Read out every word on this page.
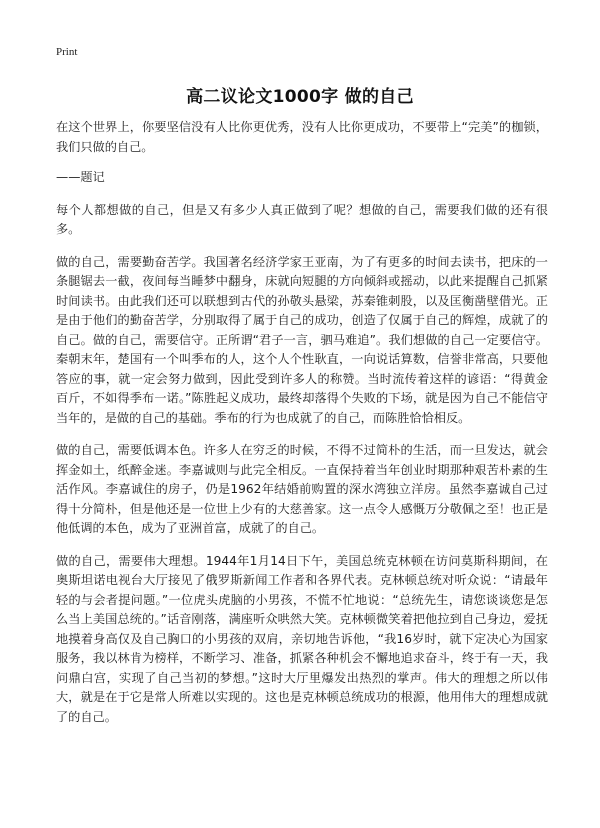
Print
高二议论文1000字 做的自己

在这个世界上，你要坚信没有人比你更优秀，没有人比你更成功，不要带上“完美”的枷锁，我们只做的自己。

——题记

每个人都想做的自己，但是又有多少人真正做到了呢？想做的自己，需要我们做的还有很多。

做的自己，需要勤奋苦学。我国著名经济学家王亚南，为了有更多的时间去读书，把床的一条腿锯去一截，夜间每当睡梦中翻身，床就向短腿的方向倾斜或摇动，以此来提醒自己抓紧时间读书。由此我们还可以联想到古代的孙敬头悬梁，苏秦锥刺股，以及匡衡凿壁借光。正是由于他们的勤奋苦学，分别取得了属于自己的成功，创造了仅属于自己的辉煌，成就了的自己。做的自己，需要信守。正所谓“君子一言，驷马难追”。我们想做的自己一定要信守。秦朝末年，楚国有一个叫季布的人，这个人个性耿直，一向说话算数，信誉非常高，只要他答应的事，就一定会努力做到，因此受到许多人的称赞。当时流传着这样的谚语：“得黄金百斤，不如得季布一诺。”陈胜起义成功，最终却落得个失败的下场，就是因为自己不能信守当年的，是做的自己的基础。季布的行为也成就了的自己，而陈胜恰恰相反。

做的自己，需要低调本色。许多人在穷乏的时候，不得不过简朴的生活，而一旦发达，就会挥金如土，纸醉金迷。李嘉诚则与此完全相反。一直保持着当年创业时期那种艰苦朴素的生活作风。李嘉诚住的房子，仍是1962年结婚前购置的深水湾独立洋房。虽然李嘉诚自己过得十分简朴，但是他还是一位世上少有的大慈善家。这一点令人感慨万分敬佩之至！也正是他低调的本色，成为了亚洲首富，成就了的自己。

做的自己，需要伟大理想。1944年1月14日下午，美国总统克林顿在访问莫斯科期间，在奥斯坦诺电视台大厅接见了俄罗斯新闻工作者和各界代表。克林顿总统对听众说：“请最年轻的与会者提问题。”一位虎头虎脑的小男孩，不慌不忙地说：“总统先生，请您谈谈您是怎么当上美国总统的。”话音刚落，满座听众哄然大笑。克林顿微笑着把他拉到自己身边，爱抚地摸着身高仅及自己胸口的小男孩的双肩，亲切地告诉他，“我16岁时，就下定决心为国家服务，我以林肯为榜样，不断学习、准备，抓紧各种机会不懈地追求奋斗，终于有一天，我问鼎白宫，实现了自己当初的梦想。”这时大厅里爆发出热烈的掌声。伟大的理想之所以伟大，就是在于它是常人所难以实现的。这也是克林顿总统成功的根源，他用伟大的理想成就了的自己。
